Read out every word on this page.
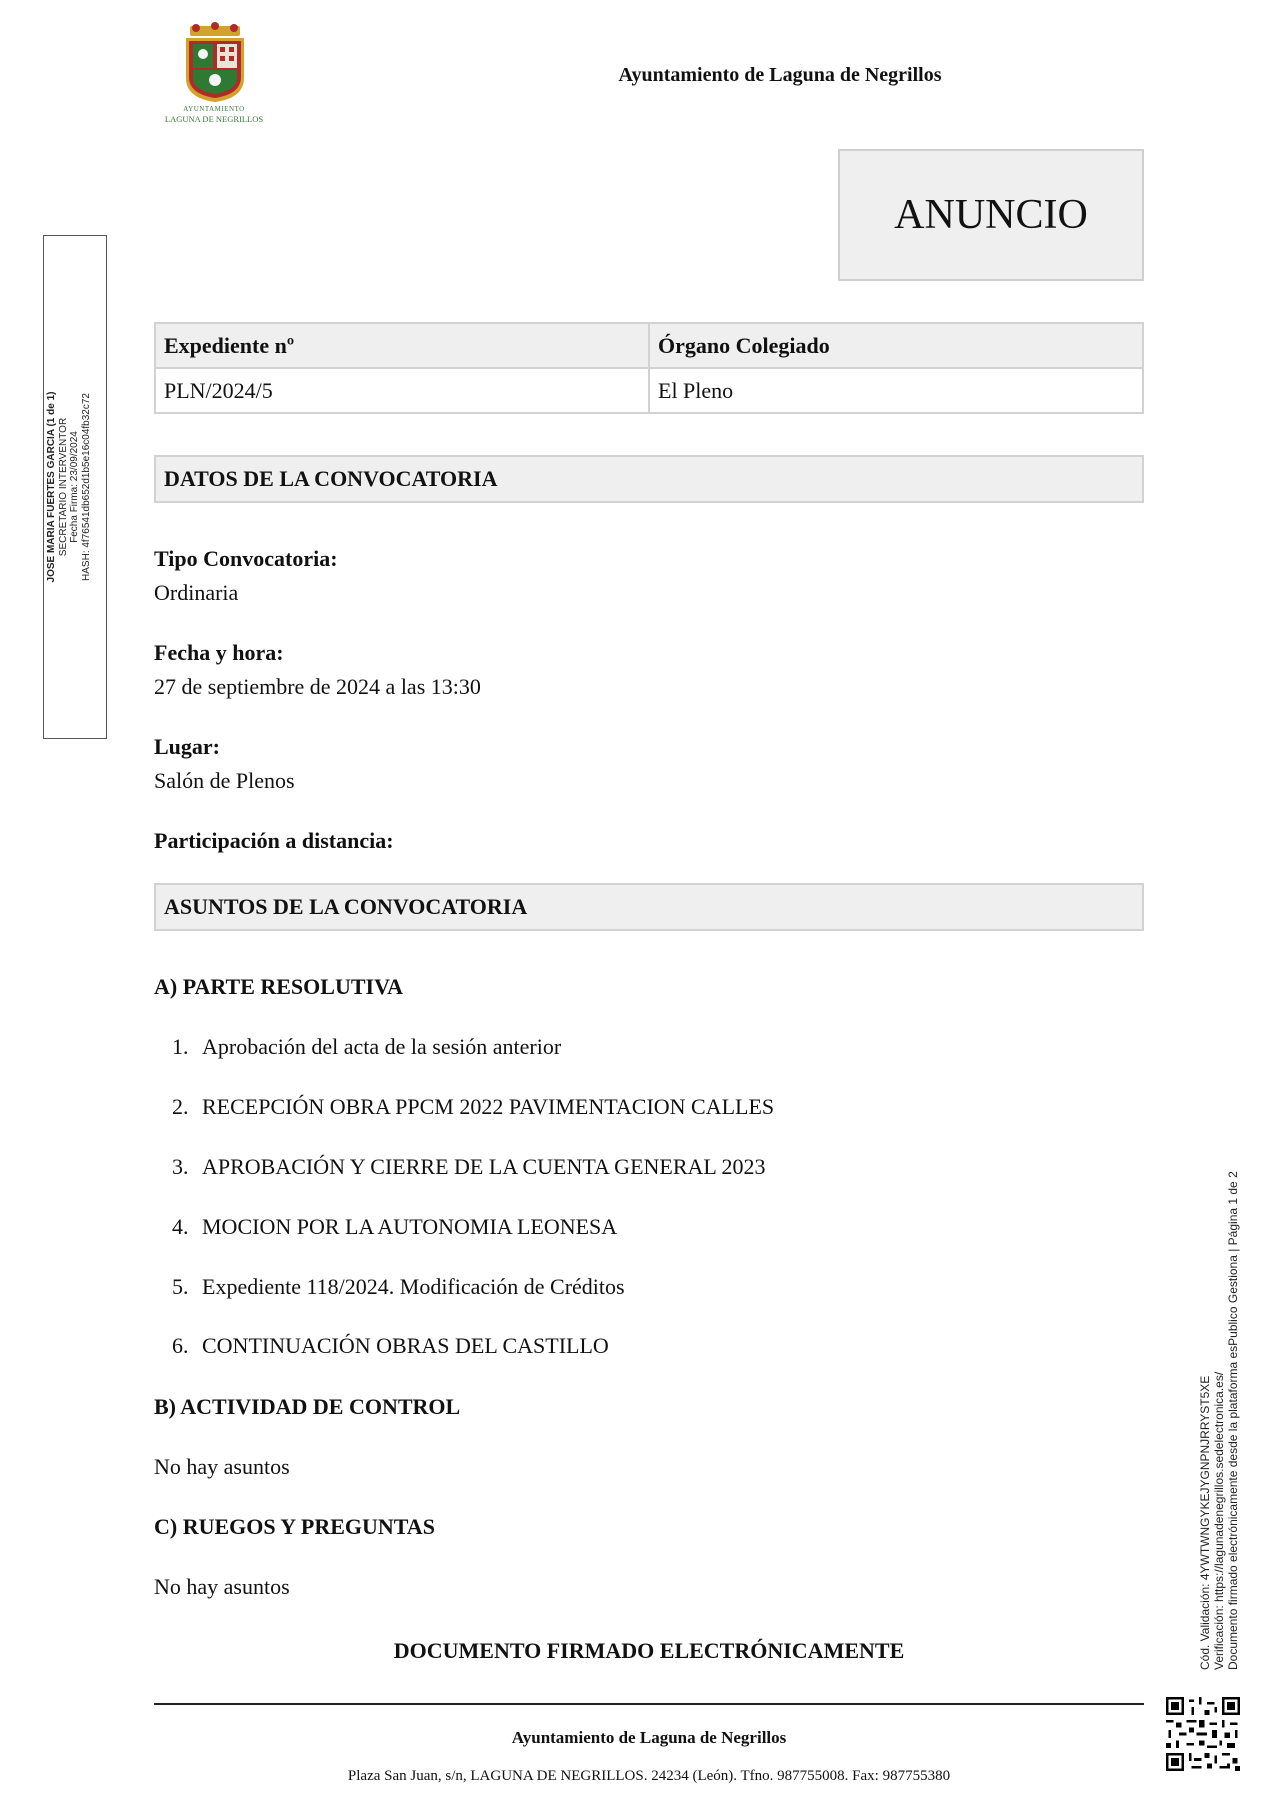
AYUNTAMIENTO
LAGUNA DE NEGRILLOS
Ayuntamiento de Laguna de Negrillos
ANUNCIO
JOSE MARIA FUERTES GARCIA (1 de 1) SECRETARIO INTERVENTOR Fecha Firma: 23/09/2024 HASH: 4f76541db652d1b5e16c04fb32c72
Cód. Validación: 4YWTWNGYKEJYGNPNJRRYST5XE Verificación: https://lagunadenegrillos.sedelectronica.es/ Documento firmado electrónicamente desde la plataforma esPublico Gestiona | Página 1 de 2
Expediente nº	Órgano Colegiado
PLN/2024/5	El Pleno
DATOS DE LA CONVOCATORIA
Tipo Convocatoria:
Ordinaria
Fecha y hora:
27 de septiembre de 2024 a las 13:30
Lugar:
Salón de Plenos
Participación a distancia:
ASUNTOS DE LA CONVOCATORIA
A) PARTE RESOLUTIVA
1. Aprobación del acta de la sesión anterior
2. RECEPCIÓN OBRA PPCM 2022 PAVIMENTACION CALLES
3. APROBACIÓN Y CIERRE DE LA CUENTA GENERAL 2023
4. MOCION POR LA AUTONOMIA LEONESA
5. Expediente 118/2024. Modificación de Créditos
6. CONTINUACIÓN OBRAS DEL CASTILLO
B) ACTIVIDAD DE CONTROL
No hay asuntos
C) RUEGOS Y PREGUNTAS
No hay asuntos
DOCUMENTO FIRMADO ELECTRÓNICAMENTE
Ayuntamiento de Laguna de Negrillos
Plaza San Juan, s/n, LAGUNA DE NEGRILLOS. 24234 (León). Tfno. 987755008. Fax: 987755380
